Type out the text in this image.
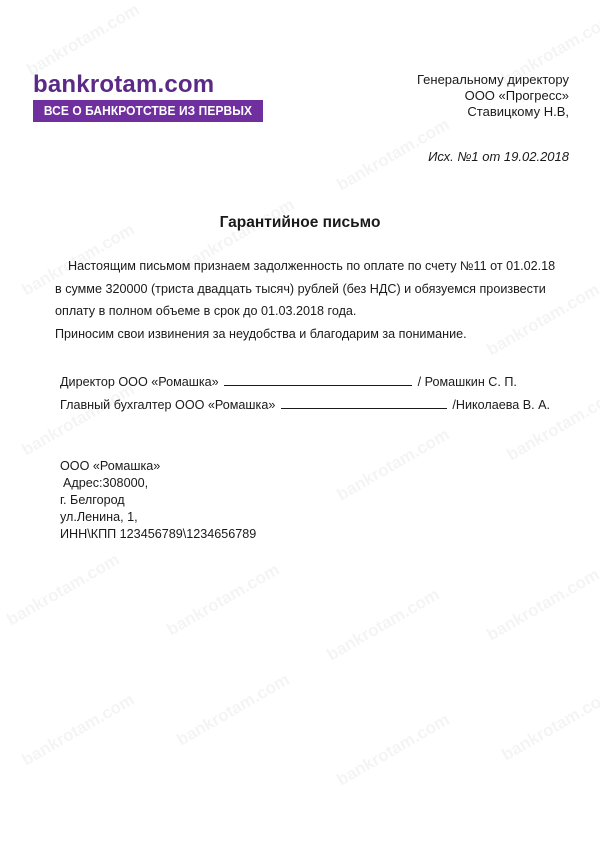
bankrotam.com
ВСЕ О БАНКРОТСТВЕ ИЗ ПЕРВЫХ РУК
Генеральному директору
ООО «Прогресс»
Ставицкому Н.В,
Исх. №1 от 19.02.2018
Гарантийное письмо
Настоящим письмом признаем задолженность по оплате по счету №11 от 01.02.18
в сумме 320000 (триста двадцать тысяч) рублей (без НДС) и обязуемся произвести
оплату в полном объеме в срок до 01.03.2018 года.
Приносим свои извинения за неудобства и благодарим за понимание.
Директор ООО «Ромашка»	/ Ромашкин С. П.
Главный бухгалтер ООО «Ромашка»	/Николаева В. А.
ООО «Ромашка»
Адрес:308000,
г. Белгород
ул.Ленина, 1,
ИНН\КПП 123456789\1234656789
